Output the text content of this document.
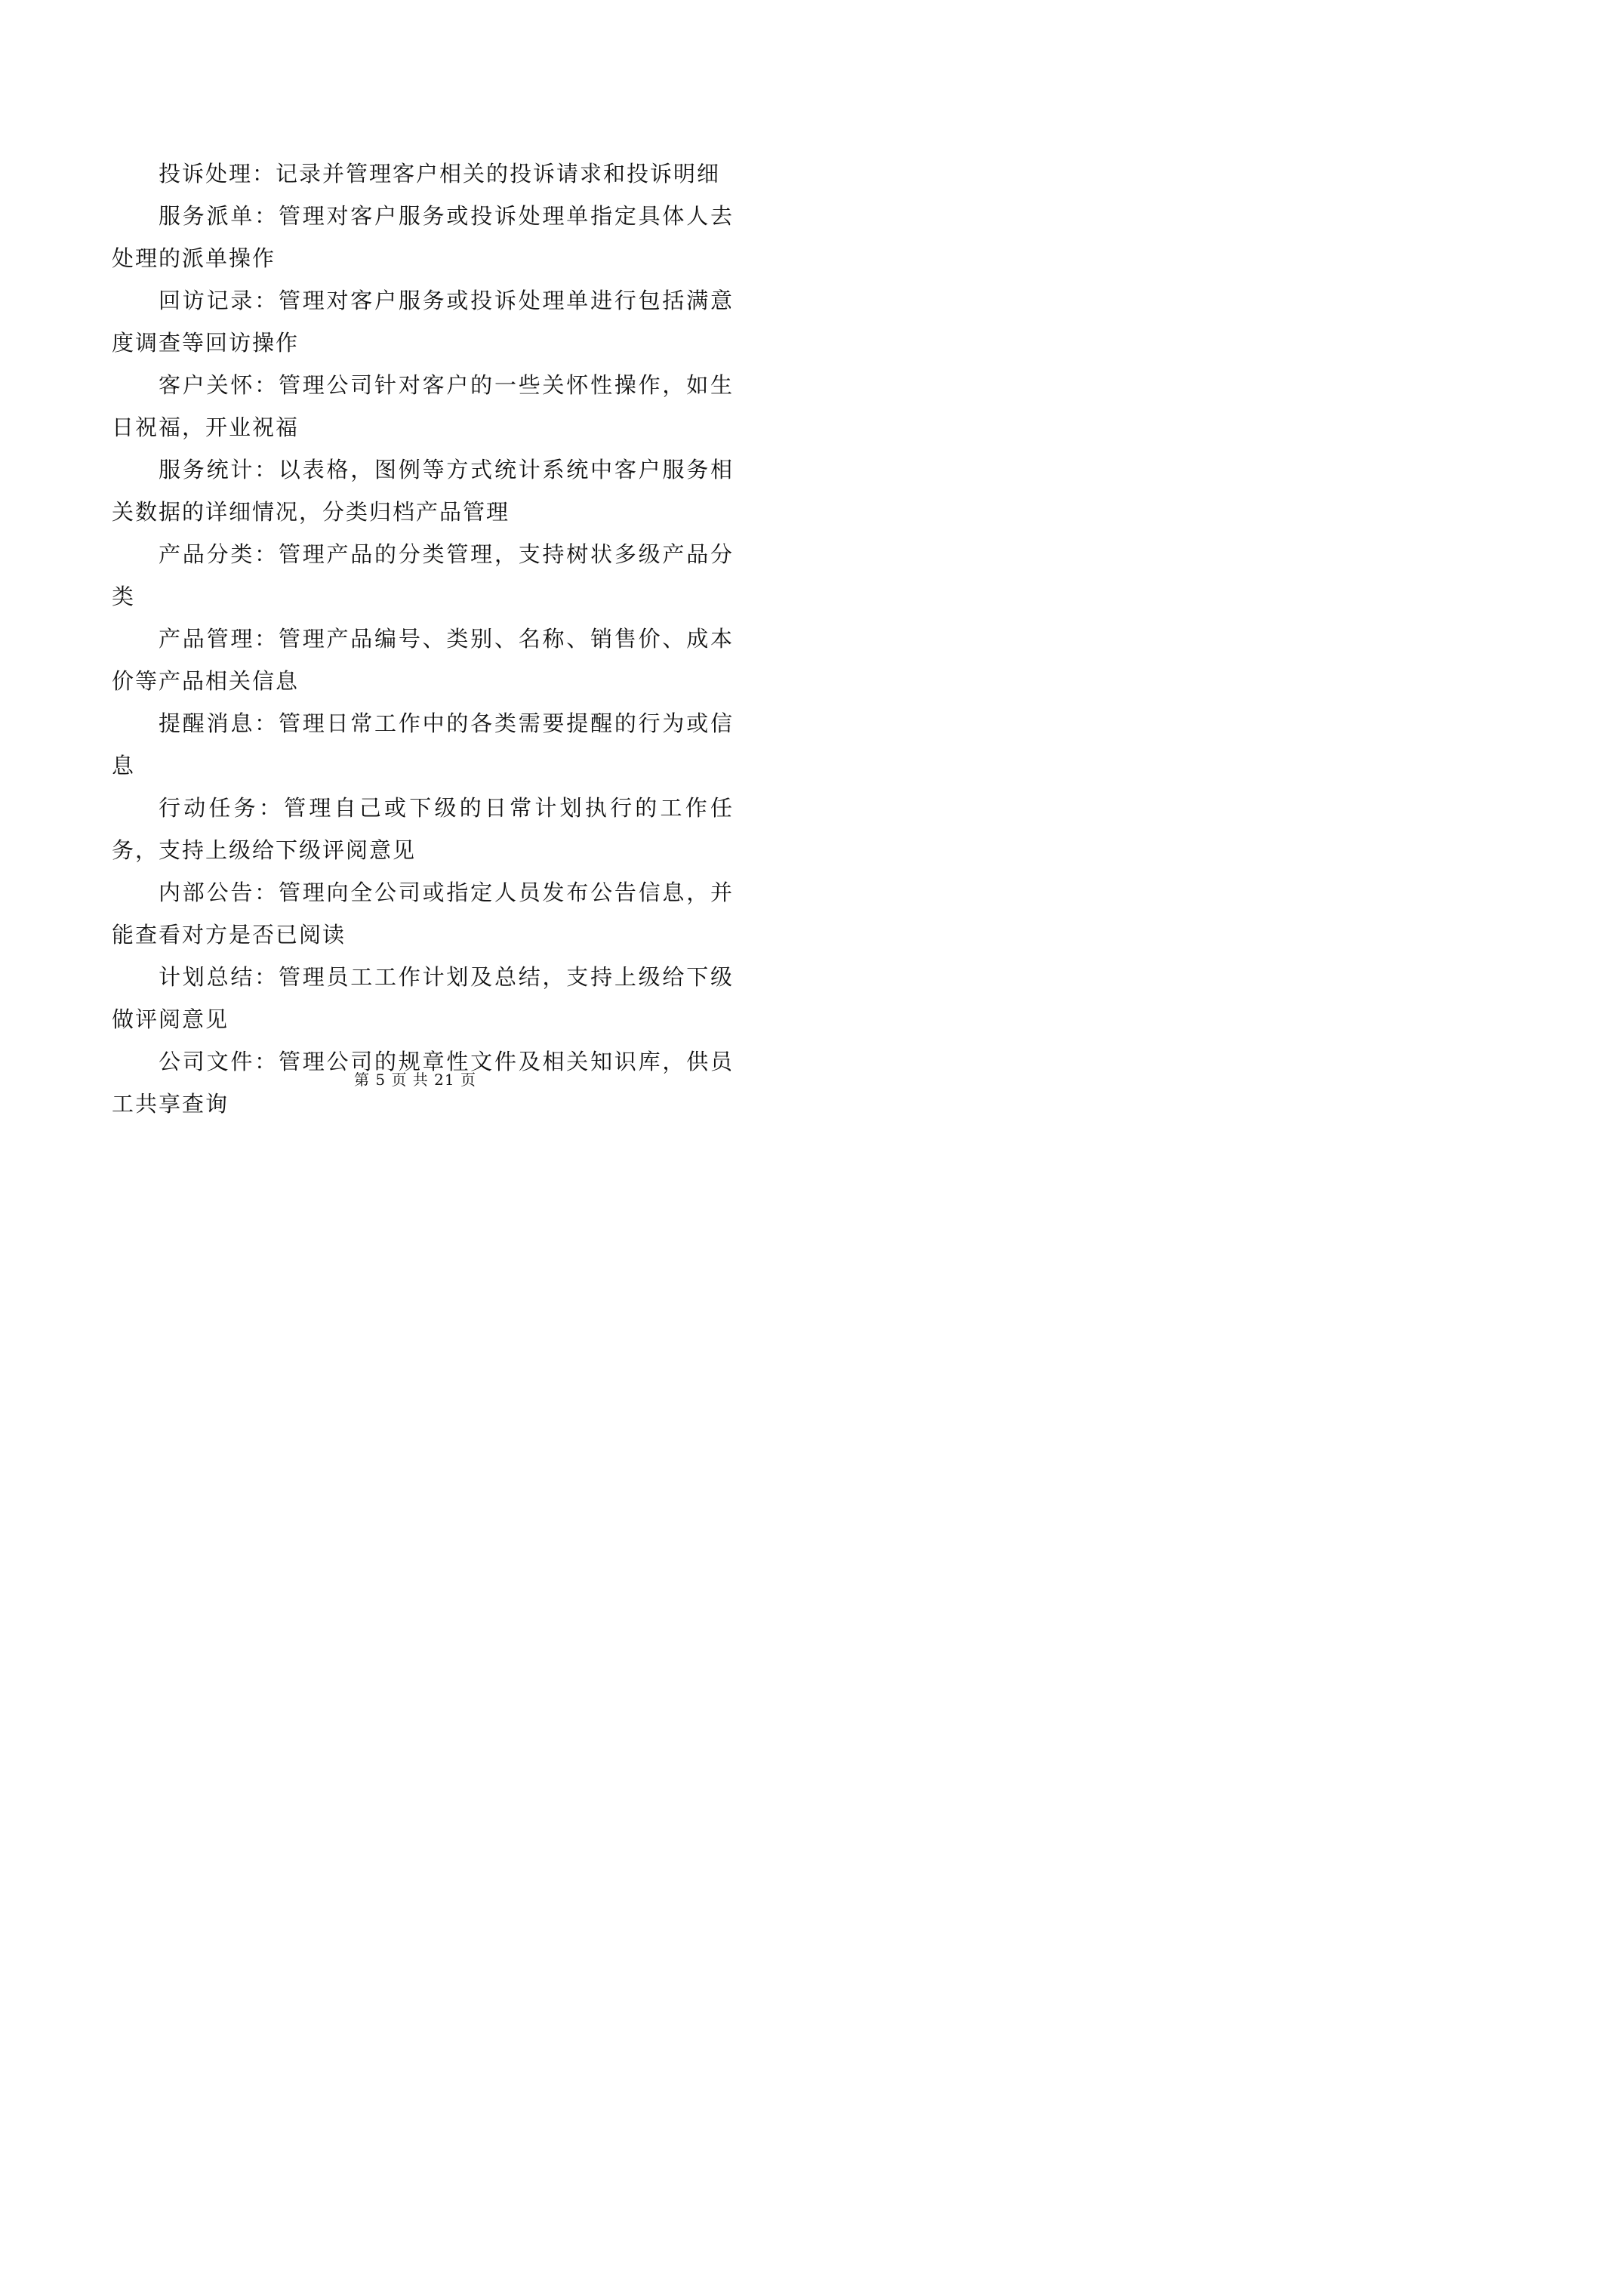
投诉处理：记录并管理客户相关的投诉请求和投诉明细

服务派单：管理对客户服务或投诉处理单指定具体人去处理的派单操作

回访记录：管理对客户服务或投诉处理单进行包括满意度调查等回访操作

客户关怀：管理公司针对客户的一些关怀性操作，如生日祝福，开业祝福

服务统计：以表格，图例等方式统计系统中客户服务相关数据的详细情况，分类归档产品管理

产品分类：管理产品的分类管理，支持树状多级产品分类

产品管理：管理产品编号、类别、名称、销售价、成本价等产品相关信息

提醒消息：管理日常工作中的各类需要提醒的行为或信息

行动任务：管理自己或下级的日常计划执行的工作任务，支持上级给下级评阅意见

内部公告：管理向全公司或指定人员发布公告信息，并能查看对方是否已阅读

计划总结：管理员工工作计划及总结，支持上级给下级做评阅意见

公司文件：管理公司的规章性文件及相关知识库，供员工共享查询

第 5 页 共 21 页
